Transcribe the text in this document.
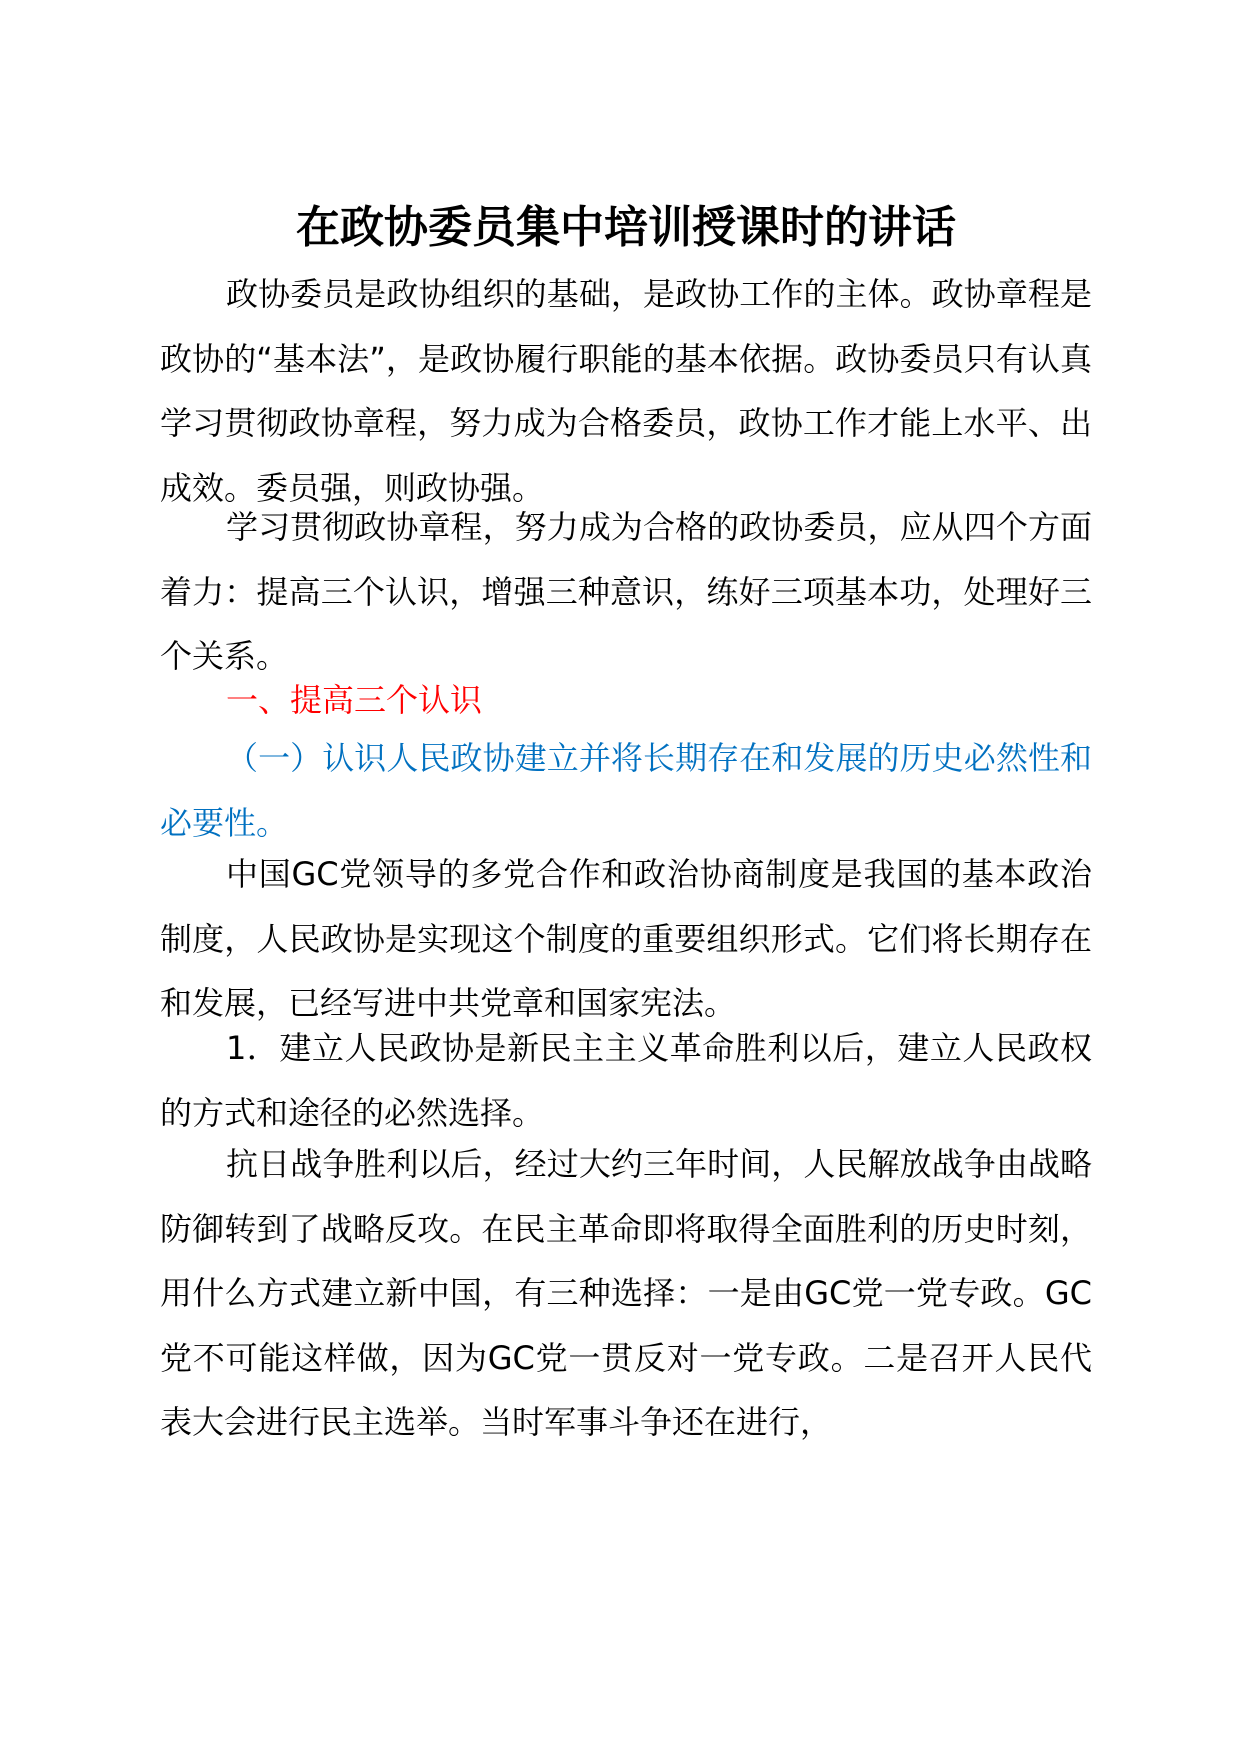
在政协委员集中培训授课时的讲话

政协委员是政协组织的基础，是政协工作的主体。政协章程是政协的“基本法”，是政协履行职能的基本依据。政协委员只有认真学习贯彻政协章程，努力成为合格委员，政协工作才能上水平、出成效。委员强，则政协强。

学习贯彻政协章程，努力成为合格的政协委员，应从四个方面着力：提高三个认识，增强三种意识，练好三项基本功，处理好三个关系。

一、提高三个认识

（一）认识人民政协建立并将长期存在和发展的历史必然性和必要性。

中国GC党领导的多党合作和政治协商制度是我国的基本政治制度，人民政协是实现这个制度的重要组织形式。它们将长期存在和发展，已经写进中共党章和国家宪法。

1．建立人民政协是新民主主义革命胜利以后，建立人民政权的方式和途径的必然选择。

抗日战争胜利以后，经过大约三年时间，人民解放战争由战略防御转到了战略反攻。在民主革命即将取得全面胜利的历史时刻，用什么方式建立新中国，有三种选择：一是由GC党一党专政。GC党不可能这样做，因为GC党一贯反对一党专政。二是召开人民代表大会进行民主选举。当时军事斗争还在进行，
